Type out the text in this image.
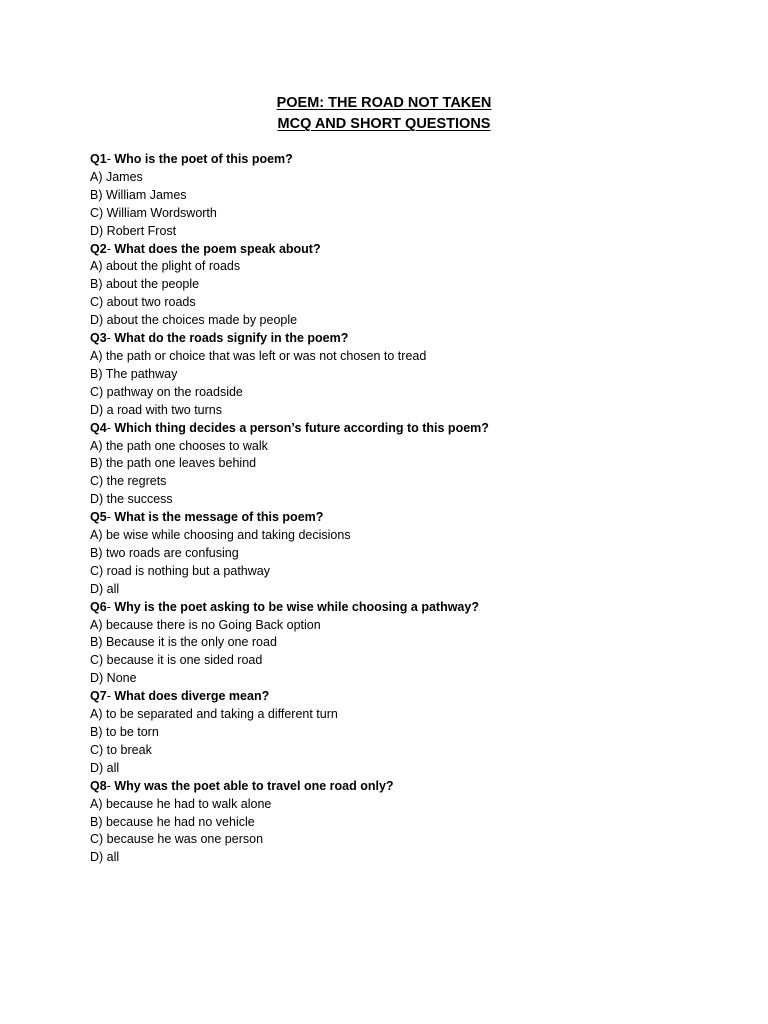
POEM: THE ROAD NOT TAKEN
MCQ AND SHORT QUESTIONS
Q1- Who is the poet of this poem?
A) James
B) William James
C) William Wordsworth
D) Robert Frost
Q2- What does the poem speak about?
A) about the plight of roads
B) about the people
C) about two roads
D) about the choices made by people
Q3- What do the roads signify in the poem?
A) the path or choice that was left or was not chosen to tread
B) The pathway
C) pathway on the roadside
D) a road with two turns
Q4- Which thing decides a person’s future according to this poem?
A) the path one chooses to walk
B) the path one leaves behind
C) the regrets
D) the success
Q5- What is the message of this poem?
A) be wise while choosing and taking decisions
B) two roads are confusing
C) road is nothing but a pathway
D) all
Q6- Why is the poet asking to be wise while choosing a pathway?
A) because there is no Going Back option
B) Because it is the only one road
C) because it is one sided road
D) None
Q7- What does diverge mean?
A) to be separated and taking a different turn
B) to be torn
C) to break
D) all
Q8- Why was the poet able to travel one road only?
A) because he had to walk alone
B) because he had no vehicle
C) because he was one person
D) all
